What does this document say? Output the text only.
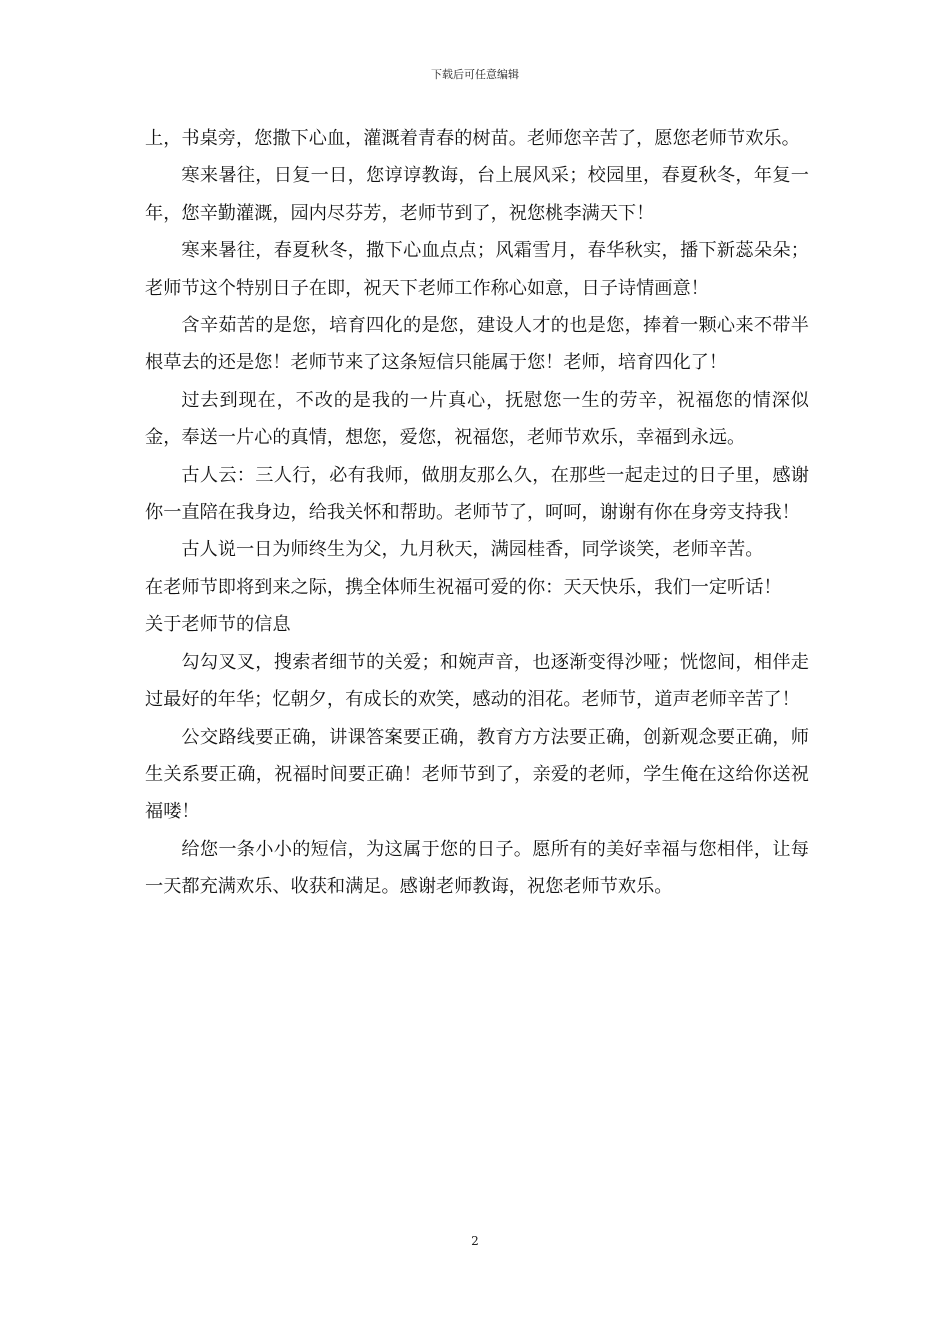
下载后可任意编辑

上，书桌旁，您撒下心血，灌溉着青春的树苗。老师您辛苦了，愿您老师节欢乐。

寒来暑往，日复一日，您谆谆教诲，台上展风采；校园里，春夏秋冬，年复一年，您辛勤灌溉，园内尽芬芳，老师节到了，祝您桃李满天下！

寒来暑往，春夏秋冬，撒下心血点点；风霜雪月，春华秋实，播下新蕊朵朵；老师节这个特别日子在即，祝天下老师工作称心如意，日子诗情画意！

含辛茹苦的是您，培育四化的是您，建设人才的也是您，捧着一颗心来不带半根草去的还是您！老师节来了这条短信只能属于您！老师，培育四化了！

过去到现在，不改的是我的一片真心，抚慰您一生的劳辛，祝福您的情深似金，奉送一片心的真情，想您，爱您，祝福您，老师节欢乐，幸福到永远。

古人云：三人行，必有我师，做朋友那么久，在那些一起走过的日子里，感谢你一直陪在我身边，给我关怀和帮助。老师节了，呵呵，谢谢有你在身旁支持我！

古人说一日为师终生为父，九月秋天，满园桂香，同学谈笑，老师辛苦。

在老师节即将到来之际，携全体师生祝福可爱的你：天天快乐，我们一定听话！

关于老师节的信息

勾勾叉叉，搜索者细节的关爱；和婉声音，也逐渐变得沙哑；恍惚间，相伴走过最好的年华；忆朝夕，有成长的欢笑，感动的泪花。老师节，道声老师辛苦了！

公交路线要正确，讲课答案要正确，教育方方法要正确，创新观念要正确，师生关系要正确，祝福时间要正确！老师节到了，亲爱的老师，学生俺在这给你送祝福喽！

给您一条小小的短信，为这属于您的日子。愿所有的美好幸福与您相伴，让每一天都充满欢乐、收获和满足。感谢老师教诲，祝您老师节欢乐。

2
